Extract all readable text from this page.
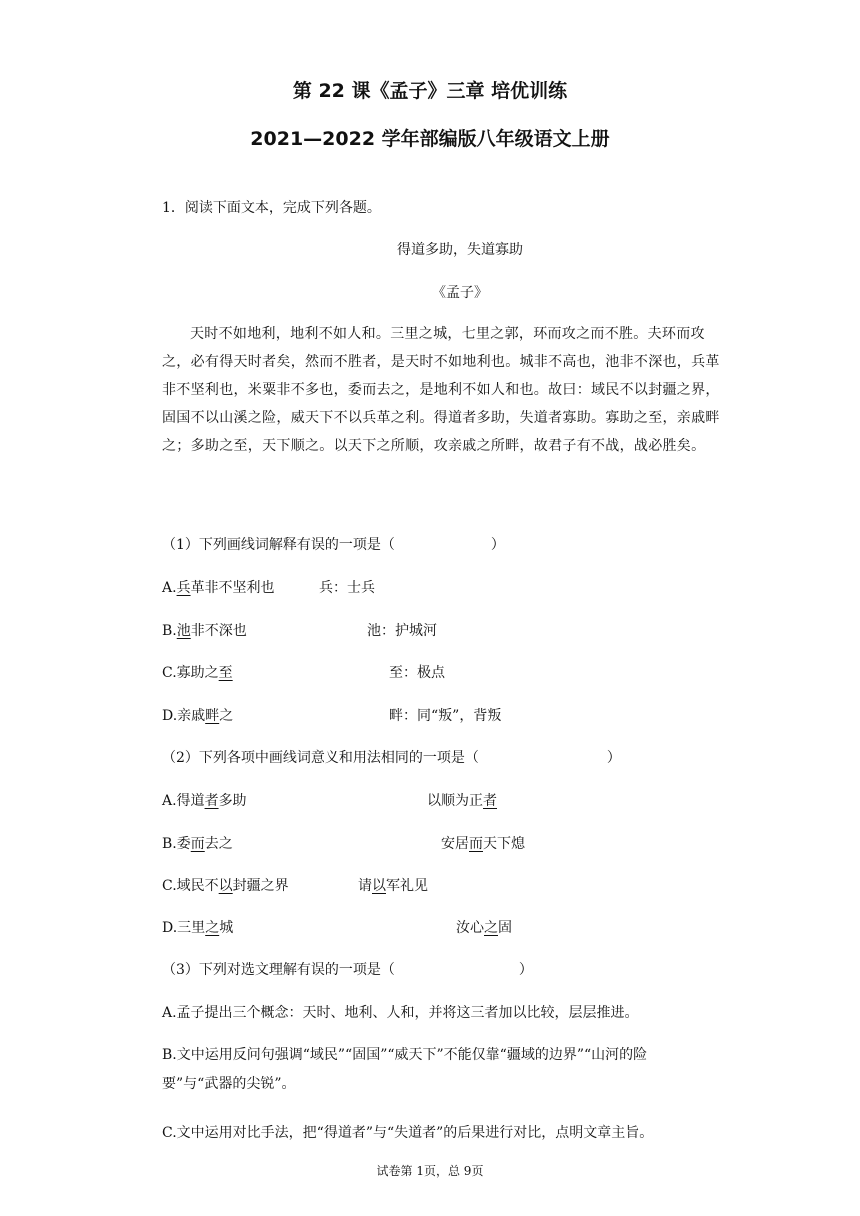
第 22 课《孟子》三章 培优训练
2021—2022 学年部编版八年级语文上册
1．阅读下面文本，完成下列各题。
得道多助，失道寡助
《孟子》
天时不如地利，地利不如人和。三里之城，七里之郭，环而攻之而不胜。夫环而攻之，必有得天时者矣，然而不胜者，是天时不如地利也。城非不高也，池非不深也，兵革非不坚利也，米粟非不多也，委而去之，是地利不如人和也。故曰：域民不以封疆之界，固国不以山溪之险，威天下不以兵革之利。得道者多助，失道者寡助。寡助之至，亲戚畔之；多助之至，天下顺之。以天下之所顺，攻亲戚之所畔，故君子有不战，战必胜矣。
（1）下列画线词解释有误的一项是（	）
A.兵革非不坚利也	兵：士兵
B.池非不深也	池：护城河
C.寡助之至	至：极点
D.亲戚畔之	畔：同“叛”，背叛
（2）下列各项中画线词意义和用法相同的一项是（	）
A.得道者多助	以顺为正者
B.委而去之	安居而天下熄
C.域民不以封疆之界	请以军礼见
D.三里之城	汝心之固
（3）下列对选文理解有误的一项是（	）
A.孟子提出三个概念：天时、地利、人和，并将这三者加以比较，层层推进。
B.文中运用反问句强调“域民”“固国”“威天下”不能仅靠“疆域的边界”“山河的险
要”与“武器的尖锐”。
C.文中运用对比手法，把“得道者”与“失道者”的后果进行对比，点明文章主旨。
试卷第 1页，总 9页
